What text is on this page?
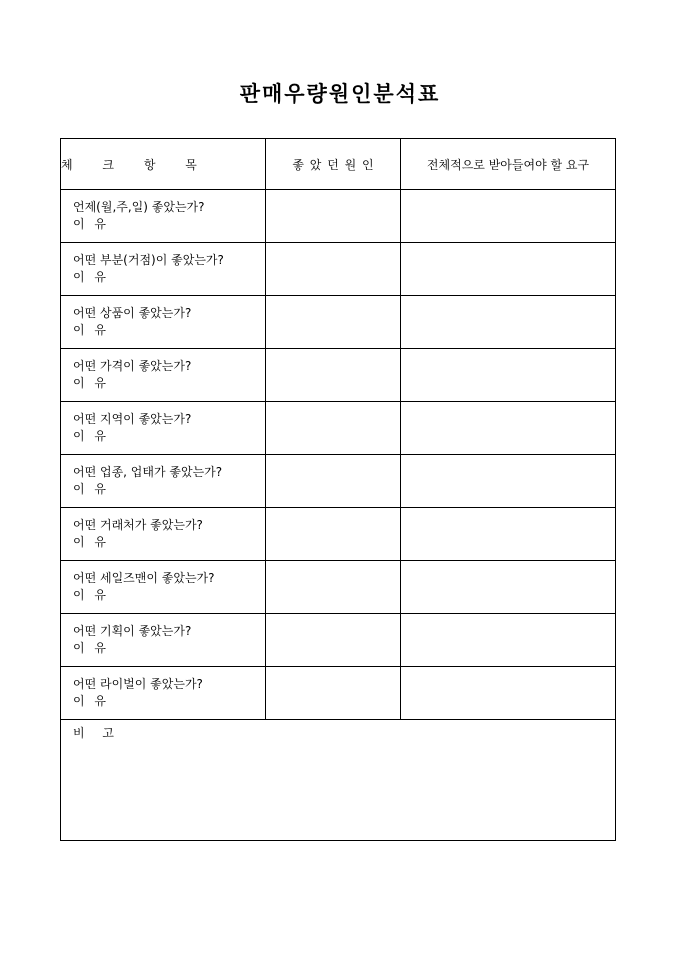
판매우량원인분석표
체 크 항 목	좋 았 던 원 인	전체적으로 받아들여야 할 요구

언제(월,주,일) 좋았는가?
이 유		

어떤 부분(거점)이 좋았는가?
이 유		

어떤 상품이 좋았는가?
이 유		

어떤 가격이 좋았는가?
이 유		

어떤 지역이 좋았는가?
이 유		

어떤 업종, 업태가 좋았는가?
이 유		

어떤 거래처가 좋았는가?
이 유		

어떤 세일즈맨이 좋았는가?
이 유		

어떤 기획이 좋았는가?
이 유		

어떤 라이벌이 좋았는가?
이 유		

비 고		
